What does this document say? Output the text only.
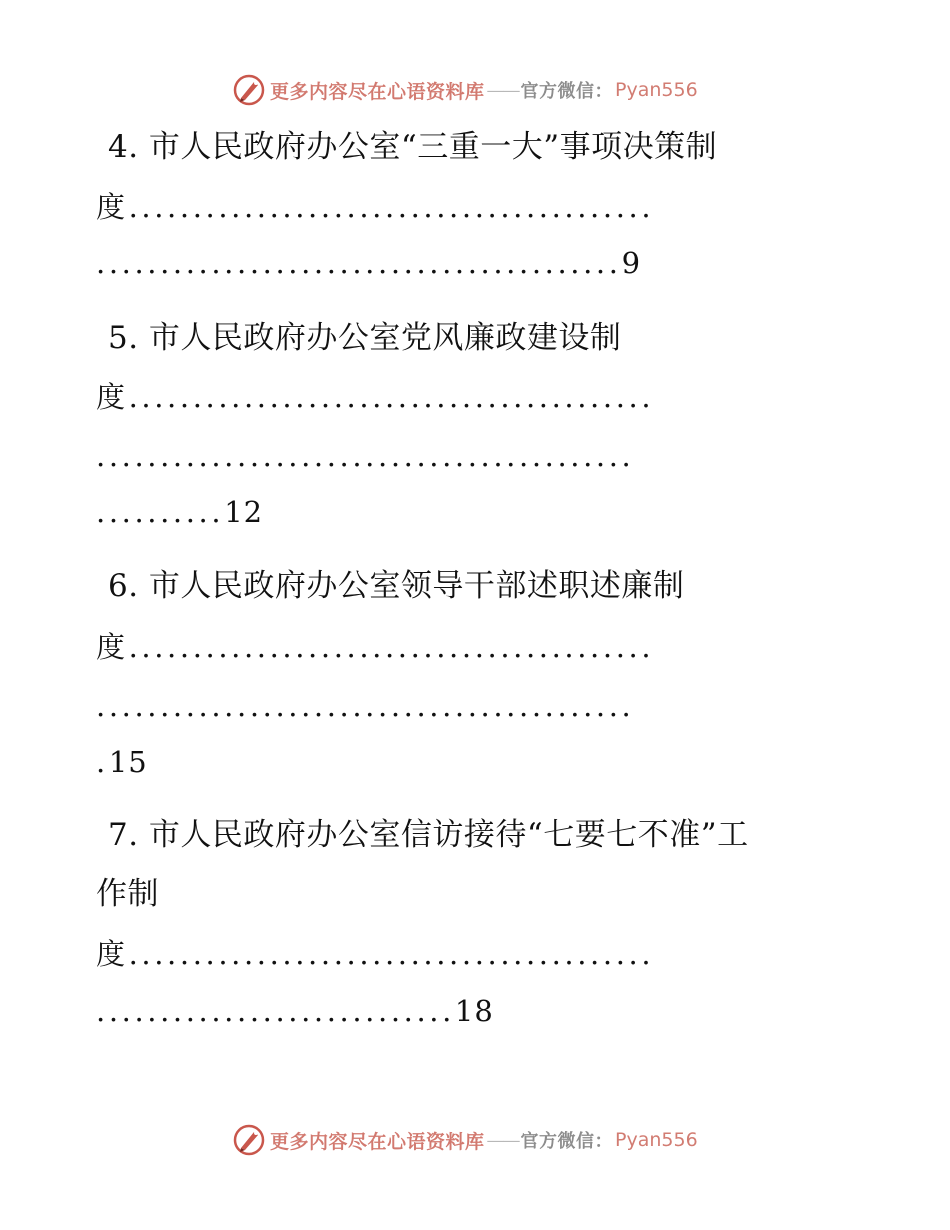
更多内容尽在心语资料库 —— 官方微信： Pyan556
4. 市人民政府办公室“三重一大”事项决策制
度.........................................
.........................................9
5. 市人民政府办公室党风廉政建设制
度.........................................
..........................................
..........12
6. 市人民政府办公室领导干部述职述廉制
度.........................................
..........................................
.15
7. 市人民政府办公室信访接待“七要七不准”工
作制
度.........................................
............................18
更多内容尽在心语资料库 —— 官方微信： Pyan556
